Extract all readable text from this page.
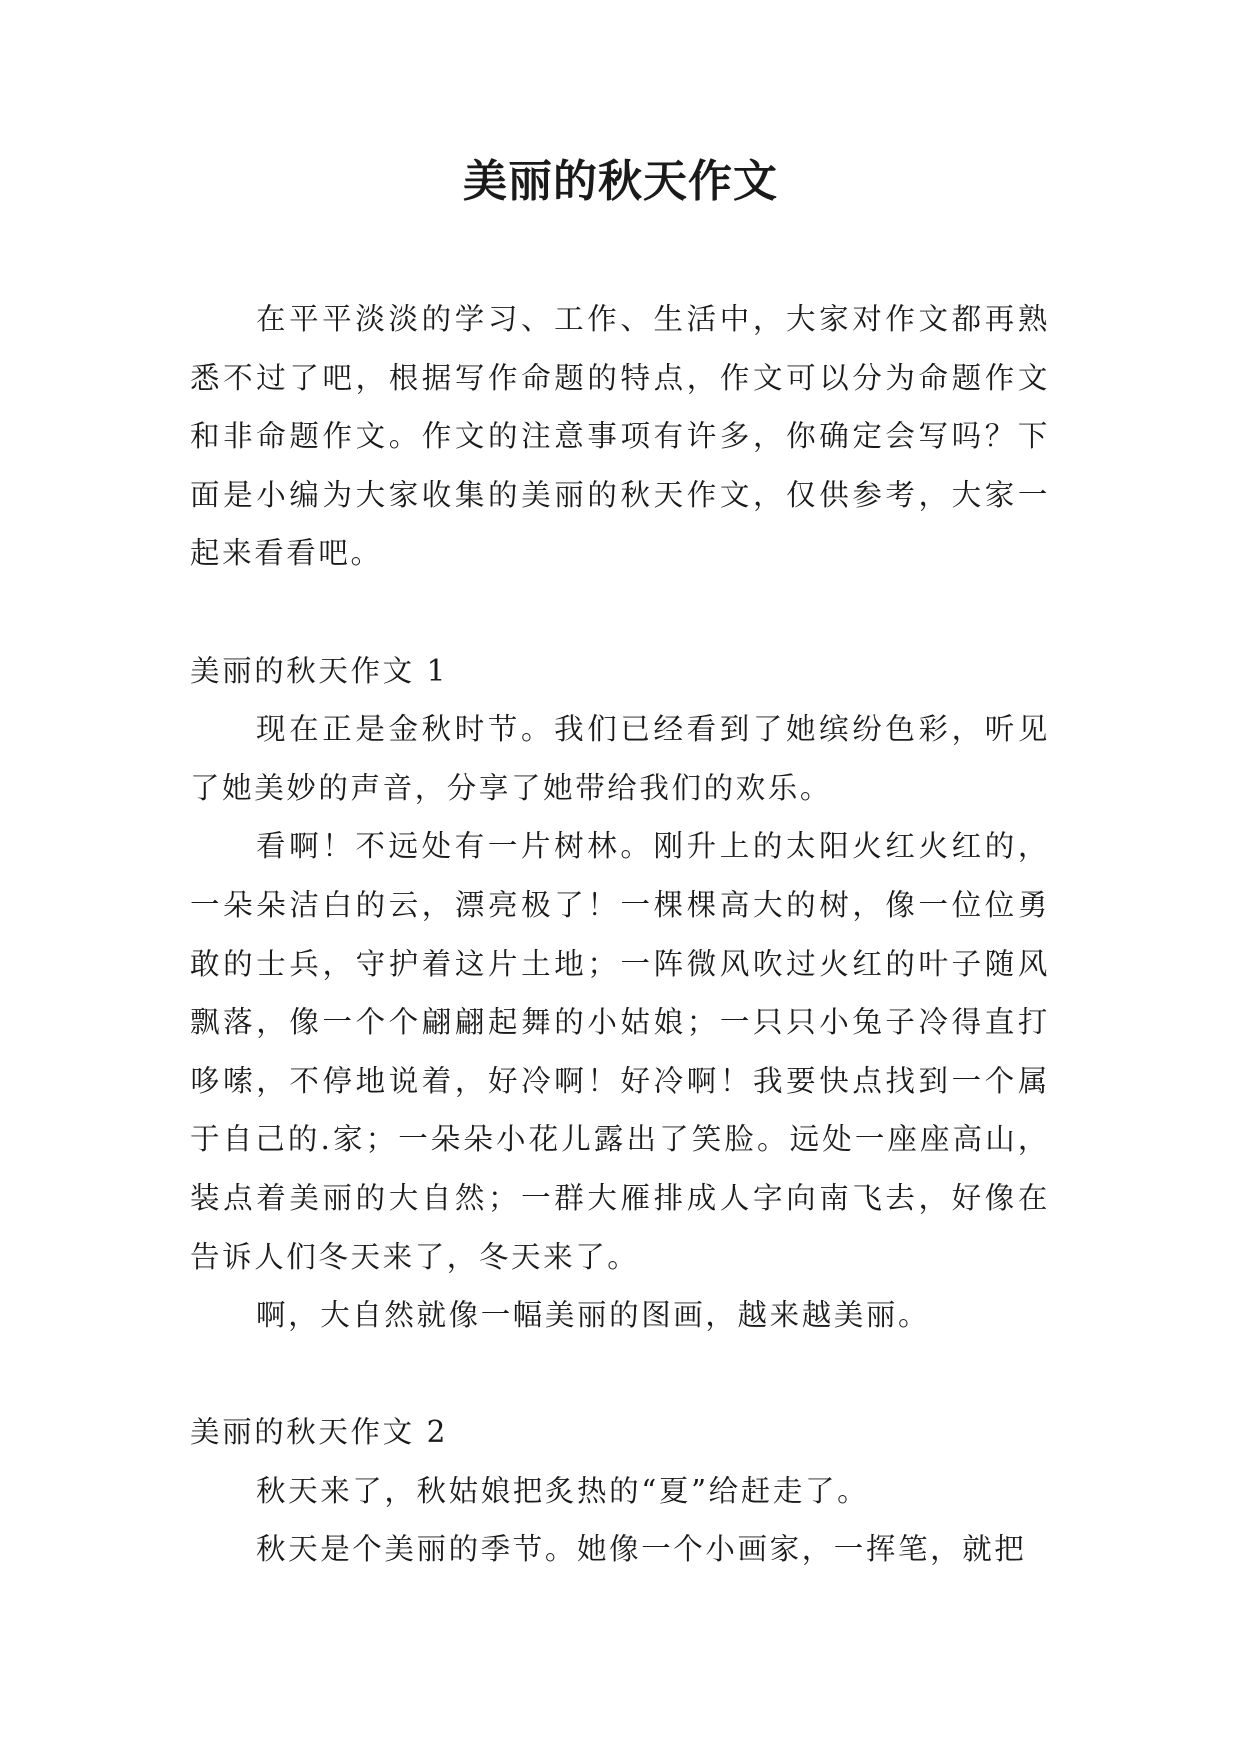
美丽的秋天作文

在平平淡淡的学习、工作、生活中，大家对作文都再熟悉不过了吧，根据写作命题的特点，作文可以分为命题作文和非命题作文。作文的注意事项有许多，你确定会写吗？下面是小编为大家收集的美丽的秋天作文，仅供参考，大家一起来看看吧。

美丽的秋天作文 1

现在正是金秋时节。我们已经看到了她缤纷色彩，听见了她美妙的声音，分享了她带给我们的欢乐。

看啊！不远处有一片树林。刚升上的太阳火红火红的，一朵朵洁白的云，漂亮极了！一棵棵高大的树，像一位位勇敢的士兵，守护着这片土地；一阵微风吹过火红的叶子随风飘落，像一个个翩翩起舞的小姑娘；一只只小兔子冷得直打哆嗦，不停地说着，好冷啊！好冷啊！我要快点找到一个属于自己的.家；一朵朵小花儿露出了笑脸。远处一座座高山，装点着美丽的大自然；一群大雁排成人字向南飞去，好像在告诉人们冬天来了，冬天来了。

啊，大自然就像一幅美丽的图画，越来越美丽。

美丽的秋天作文 2

秋天来了，秋姑娘把炙热的“夏”给赶走了。

秋天是个美丽的季节。她像一个小画家，一挥笔，就把
